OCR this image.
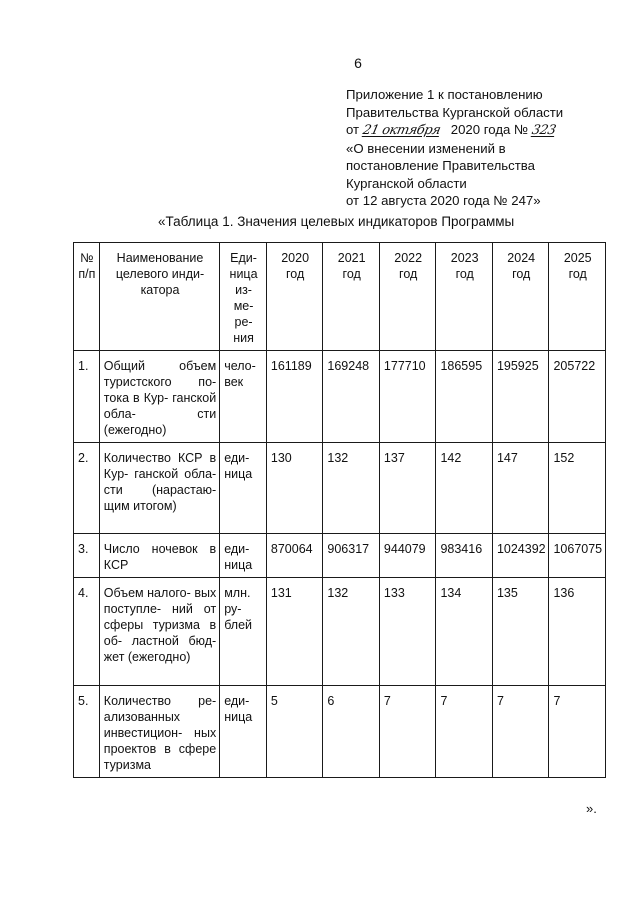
6
Приложение 1 к постановлению
Правительства Курганской области
от 21 октября 2020 года № 323
«О внесении изменений в
постановление Правительства
Курганской области
от 12 августа 2020 года № 247»
«Таблица 1. Значения целевых индикаторов Программы
№ п/п	Наименование целевого инди- катора	Еди- ница из- ме- ре- ния	2020 год	2021 год	2022 год	2023 год	2024 год	2025 год
1.	Общий объем туристского по- тока в Кур- ганской обла- сти (ежегодно)	чело- век	161189	169248	177710	186595	195925	205722
2.	Количество КСР в Кур- ганской обла- сти (нарастаю- щим итогом)	еди- ница	130	132	137	142	147	152
3.	Число ночевок в КСР	еди- ница	870064	906317	944079	983416	1024392	1067075
4.	Объем налого- вых поступле- ний от сферы туризма в об- ластной бюд- жет (ежегодно)	млн. ру- блей	131	132	133	134	135	136
5.	Количество ре- ализованных инвестицион- ных проектов в сфере туризма	еди- ница	5	6	7	7	7	7
».
